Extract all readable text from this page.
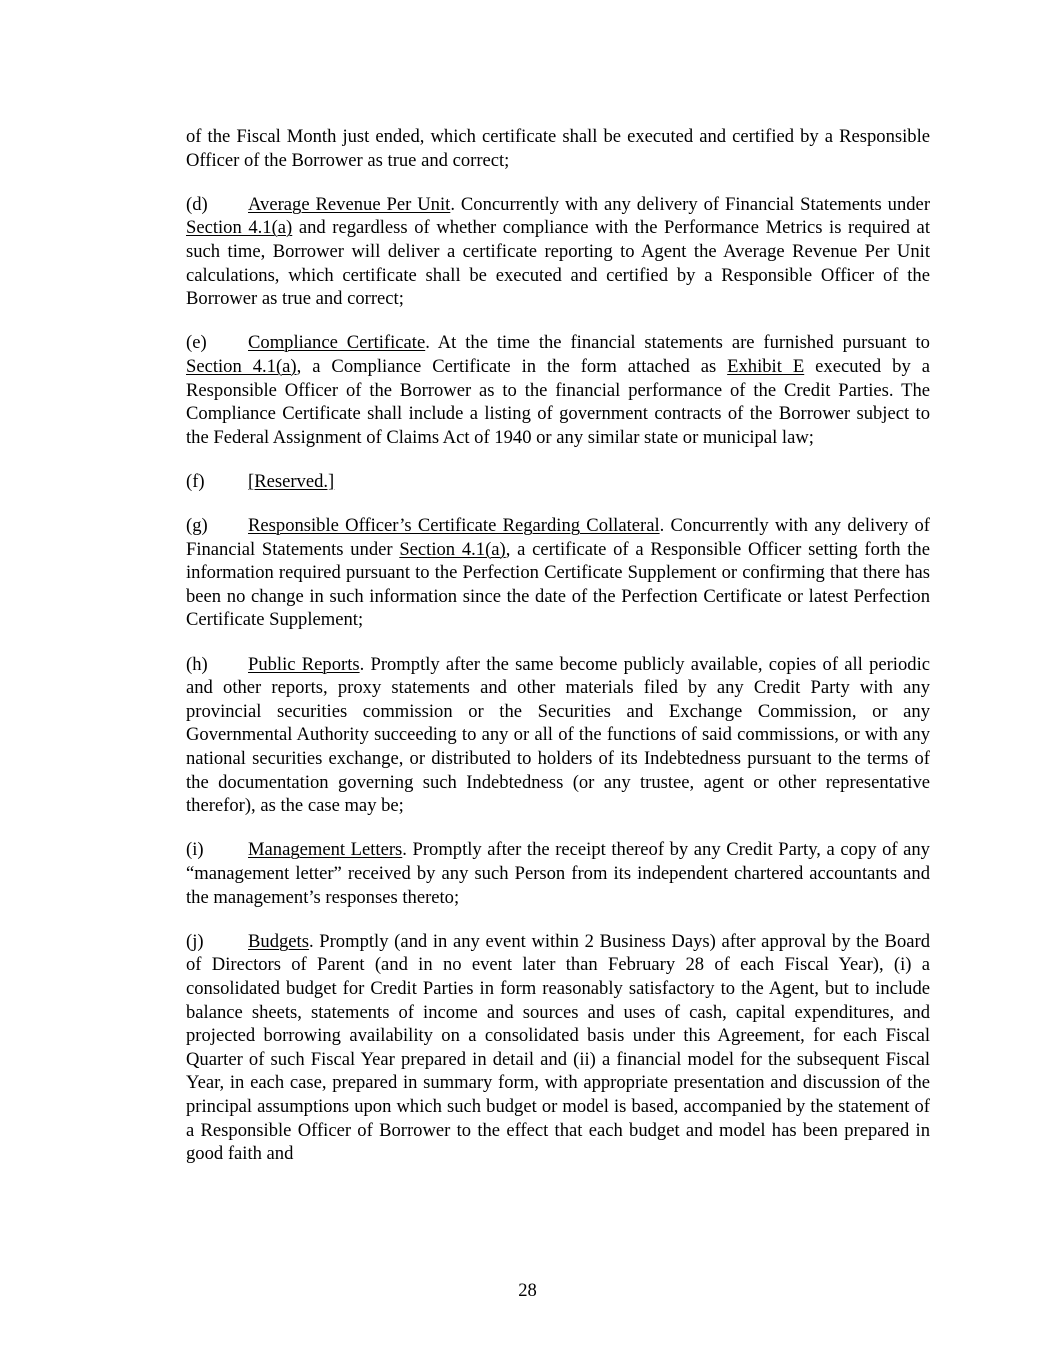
of the Fiscal Month just ended, which certificate shall be executed and certified by a Responsible Officer of the Borrower as true and correct;

(d) Average Revenue Per Unit. Concurrently with any delivery of Financial Statements under Section 4.1(a) and regardless of whether compliance with the Performance Metrics is required at such time, Borrower will deliver a certificate reporting to Agent the Average Revenue Per Unit calculations, which certificate shall be executed and certified by a Responsible Officer of the Borrower as true and correct;

(e) Compliance Certificate. At the time the financial statements are furnished pursuant to Section 4.1(a), a Compliance Certificate in the form attached as Exhibit E executed by a Responsible Officer of the Borrower as to the financial performance of the Credit Parties. The Compliance Certificate shall include a listing of government contracts of the Borrower subject to the Federal Assignment of Claims Act of 1940 or any similar state or municipal law;

(f) [Reserved.]

(g) Responsible Officer’s Certificate Regarding Collateral. Concurrently with any delivery of Financial Statements under Section 4.1(a), a certificate of a Responsible Officer setting forth the information required pursuant to the Perfection Certificate Supplement or confirming that there has been no change in such information since the date of the Perfection Certificate or latest Perfection Certificate Supplement;

(h) Public Reports. Promptly after the same become publicly available, copies of all periodic and other reports, proxy statements and other materials filed by any Credit Party with any provincial securities commission or the Securities and Exchange Commission, or any Governmental Authority succeeding to any or all of the functions of said commissions, or with any national securities exchange, or distributed to holders of its Indebtedness pursuant to the terms of the documentation governing such Indebtedness (or any trustee, agent or other representative therefor), as the case may be;

(i) Management Letters. Promptly after the receipt thereof by any Credit Party, a copy of any “management letter” received by any such Person from its independent chartered accountants and the management’s responses thereto;

(j) Budgets. Promptly (and in any event within 2 Business Days) after approval by the Board of Directors of Parent (and in no event later than February 28 of each Fiscal Year), (i) a consolidated budget for Credit Parties in form reasonably satisfactory to the Agent, but to include balance sheets, statements of income and sources and uses of cash, capital expenditures, and projected borrowing availability on a consolidated basis under this Agreement, for each Fiscal Quarter of such Fiscal Year prepared in detail and (ii) a financial model for the subsequent Fiscal Year, in each case, prepared in summary form, with appropriate presentation and discussion of the principal assumptions upon which such budget or model is based, accompanied by the statement of a Responsible Officer of Borrower to the effect that each budget and model has been prepared in good faith and

28
